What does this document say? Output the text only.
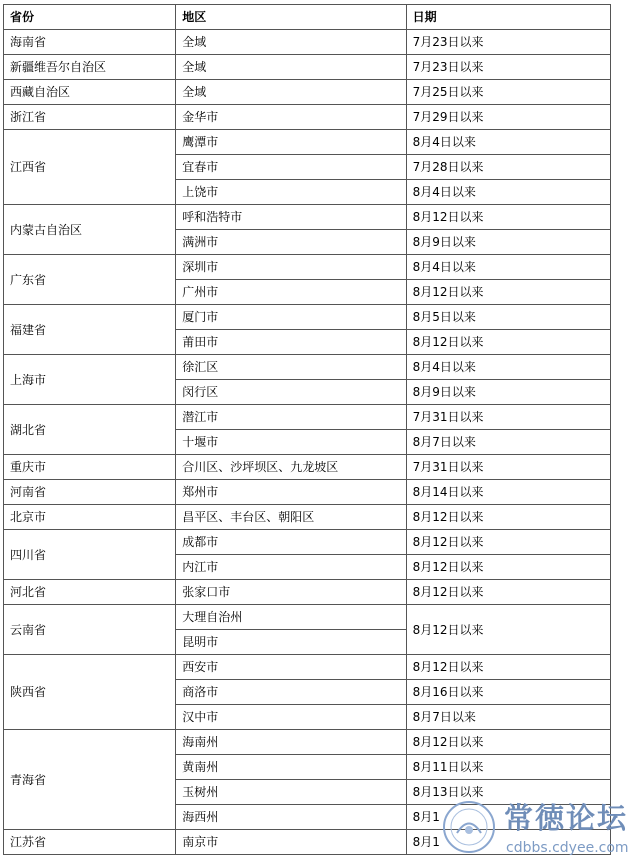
省份	地区	日期
海南省	全域	7月23日以来
新疆维吾尔自治区	全域	7月23日以来
西藏自治区	全域	7月25日以来
浙江省	金华市	7月29日以来
江西省	鹰潭市	8月4日以来
	宜春市	7月28日以来
	上饶市	8月4日以来
内蒙古自治区	呼和浩特市	8月12日以来
	满洲市	8月9日以来
广东省	深圳市	8月4日以来
	广州市	8月12日以来
福建省	厦门市	8月5日以来
	莆田市	8月12日以来
上海市	徐汇区	8月4日以来
	闵行区	8月9日以来
湖北省	潜江市	7月31日以来
	十堰市	8月7日以来
重庆市	合川区、沙坪坝区、九龙坡区	7月31日以来
河南省	郑州市	8月14日以来
北京市	昌平区、丰台区、朝阳区	8月12日以来
四川省	成都市	8月12日以来
	内江市	8月12日以来
河北省	张家口市	8月12日以来
云南省	大理自治州	8月12日以来
	昆明市	
陕西省	西安市	8月12日以来
	商洛市	8月16日以来
	汉中市	8月7日以来
青海省	海南州	8月12日以来
	黄南州	8月11日以来
	玉树州	8月13日以来
	海西州	8月1
江苏省	南京市	8月1
常徳论坛
cdbbs.cdyee.com
